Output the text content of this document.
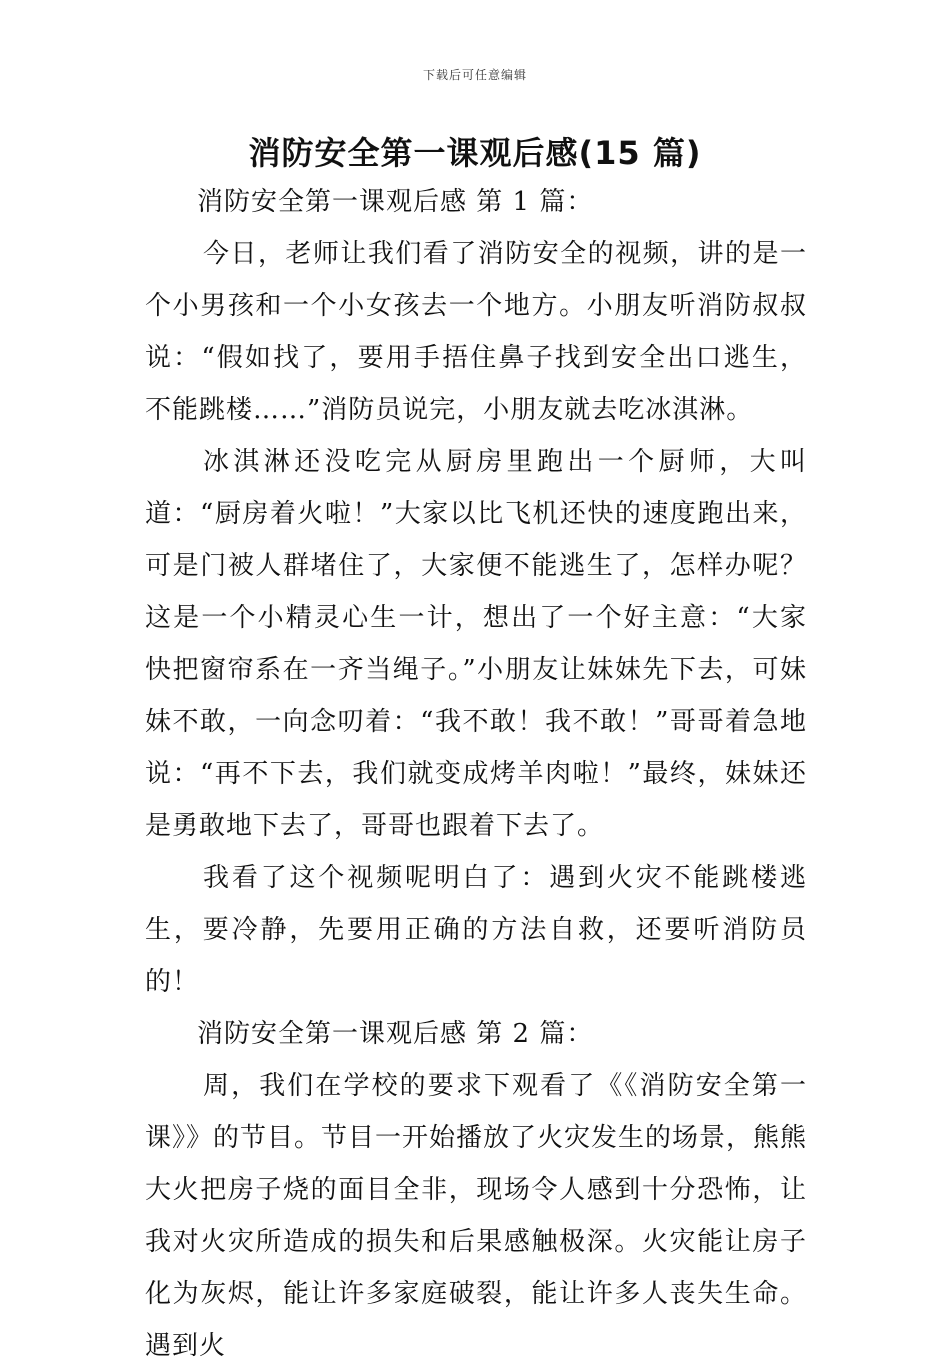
下载后可任意编辑
消防安全第一课观后感(15 篇)

消防安全第一课观后感 第 1 篇：

今日，老师让我们看了消防安全的视频，讲的是一个小男孩和一个小女孩去一个地方。小朋友听消防叔叔说：“假如找了，要用手捂住鼻子找到安全出口逃生，不能跳楼……”消防员说完，小朋友就去吃冰淇淋。

冰淇淋还没吃完从厨房里跑出一个厨师，大叫道：“厨房着火啦！”大家以比飞机还快的速度跑出来，可是门被人群堵住了，大家便不能逃生了，怎样办呢？这是一个小精灵心生一计，想出了一个好主意：“大家快把窗帘系在一齐当绳子。”小朋友让妹妹先下去，可妹妹不敢，一向念叨着：“我不敢！我不敢！”哥哥着急地说：“再不下去，我们就变成烤羊肉啦！”最终，妹妹还是勇敢地下去了，哥哥也跟着下去了。

我看了这个视频呢明白了：遇到火灾不能跳楼逃生，要冷静，先要用正确的方法自救，还要听消防员的！

消防安全第一课观后感 第 2 篇：

周，我们在学校的要求下观看了《《消防安全第一课》》的节目。节目一开始播放了火灾发生的场景，熊熊大火把房子烧的面目全非，现场令人感到十分恐怖，让我对火灾所造成的损失和后果感触极深。火灾能让房子化为灰烬，能让许多家庭破裂，能让许多人丧失生命。遇到火
